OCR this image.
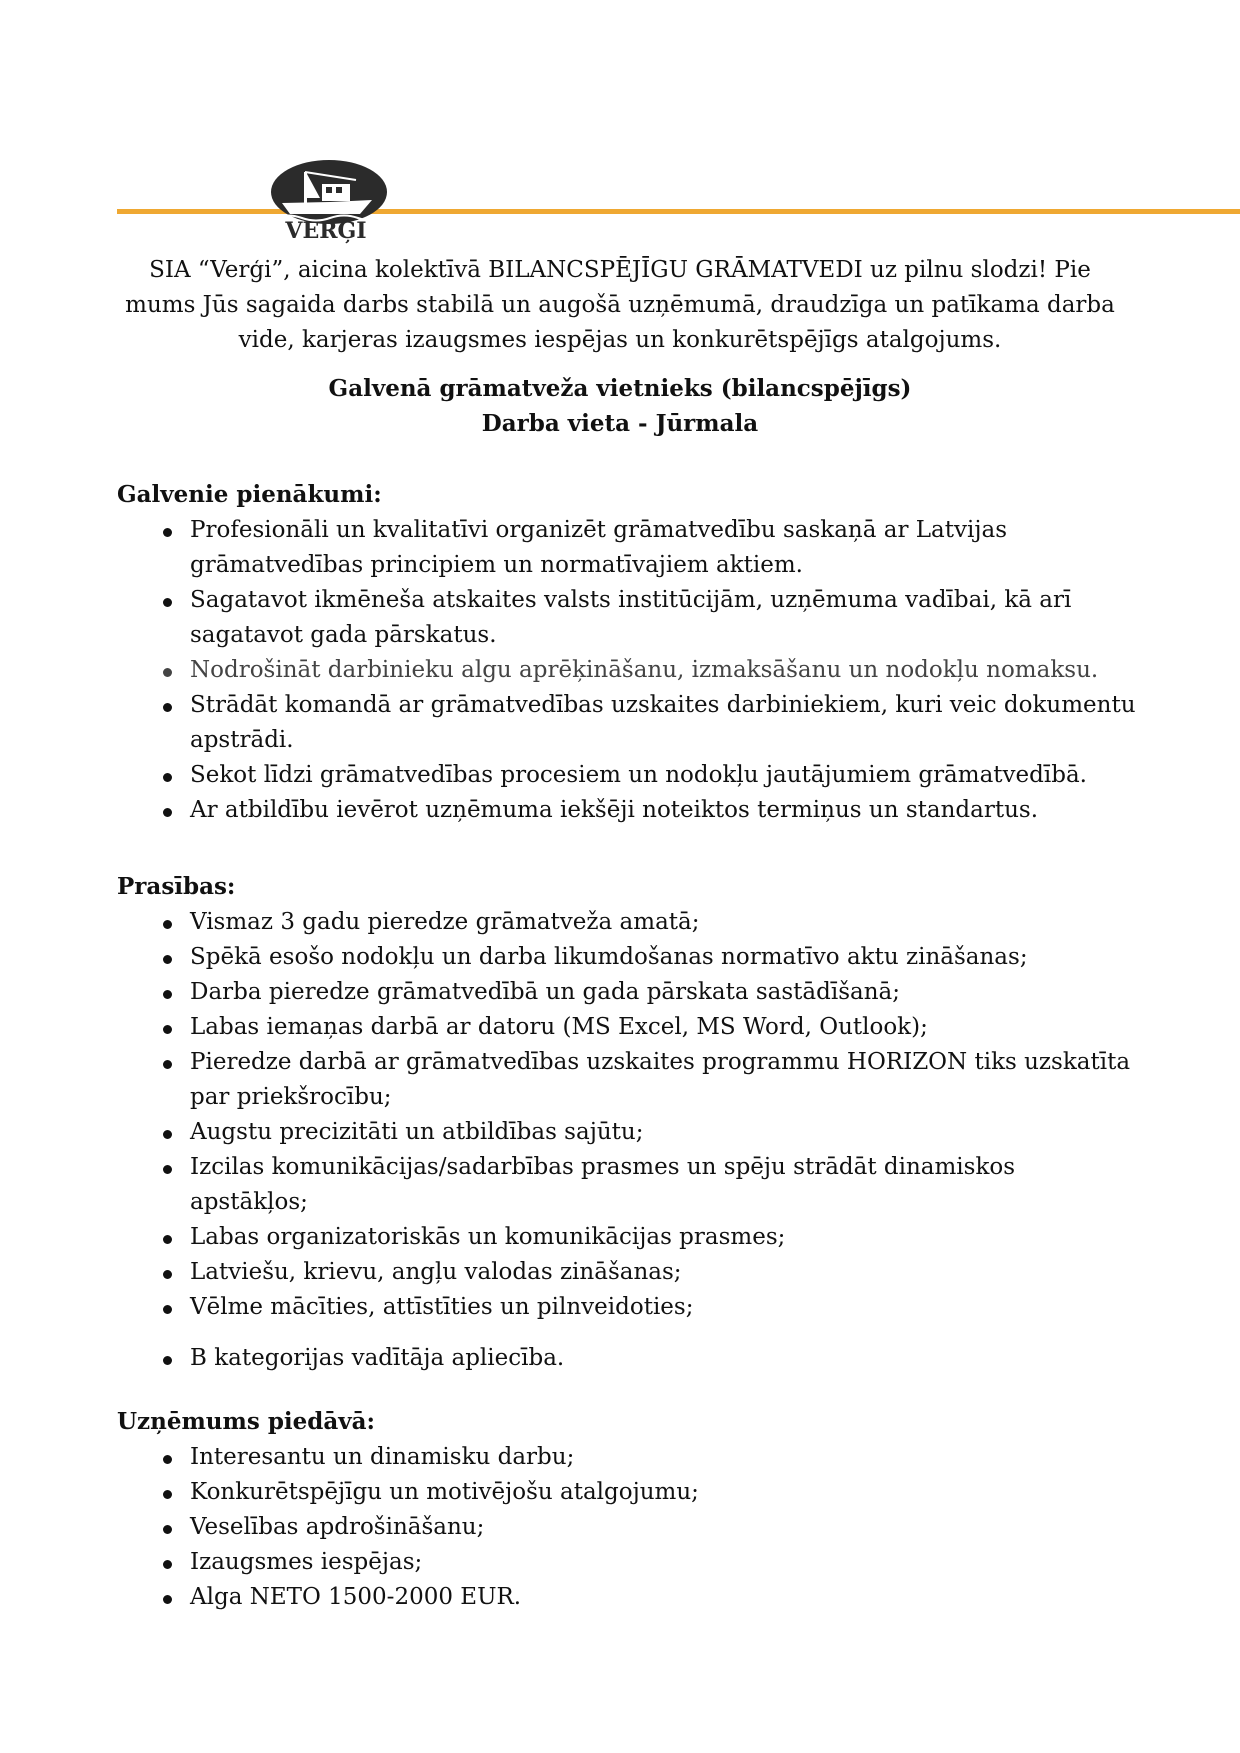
VERĢI

SIA “Verģi”, aicina kolektīvā BILANCSPĒJĪGU GRĀMATVEDI uz pilnu slodzi! Pie mums Jūs sagaida darbs stabilā un augošā uzņēmumā, draudzīga un patīkama darba vide, karjeras izaugsmes iespējas un konkurētspējīgs atalgojums.

Galvenā grāmatveža vietnieks (bilancspējīgs)
Darba vieta - Jūrmala
Galvenie pienākumi:
Profesionāli un kvalitatīvi organizēt grāmatvedību saskaņā ar Latvijas grāmatvedības principiem un normatīvajiem aktiem.
Sagatavot ikmēneša atskaites valsts institūcijām, uzņēmuma vadībai, kā arī sagatavot gada pārskatus.
Nodrošināt darbinieku algu aprēķināšanu, izmaksāšanu un nodokļu nomaksu.
Strādāt komandā ar grāmatvedības uzskaites darbiniekiem, kuri veic dokumentu apstrādi.
Sekot līdzi grāmatvedības procesiem un nodokļu jautājumiem grāmatvedībā.
Ar atbildību ievērot uzņēmuma iekšēji noteiktos termiņus un standartus.
Prasības:
Vismaz 3 gadu pieredze grāmatveža amatā;
Spēkā esošo nodokļu un darba likumdošanas normatīvo aktu zināšanas;
Darba pieredze grāmatvedībā un gada pārskata sastādīšanā;
Labas iemaņas darbā ar datoru (MS Excel, MS Word, Outlook);
Pieredze darbā ar grāmatvedības uzskaites programmu HORIZON tiks uzskatīta par priekšrocību;
Augstu precizitāti un atbildības sajūtu;
Izcilas komunikācijas/sadarbības prasmes un spēju strādāt dinamiskos apstākļos;
Labas organizatoriskās un komunikācijas prasmes;
Latviešu, krievu, angļu valodas zināšanas;
Vēlme mācīties, attīstīties un pilnveidoties;
B kategorijas vadītāja apliecība.
Uzņēmums piedāvā:
Interesantu un dinamisku darbu;
Konkurētspējīgu un motivējošu atalgojumu;
Veselības apdrošināšanu;
Izaugsmes iespējas;
Alga NETO 1500-2000 EUR.
